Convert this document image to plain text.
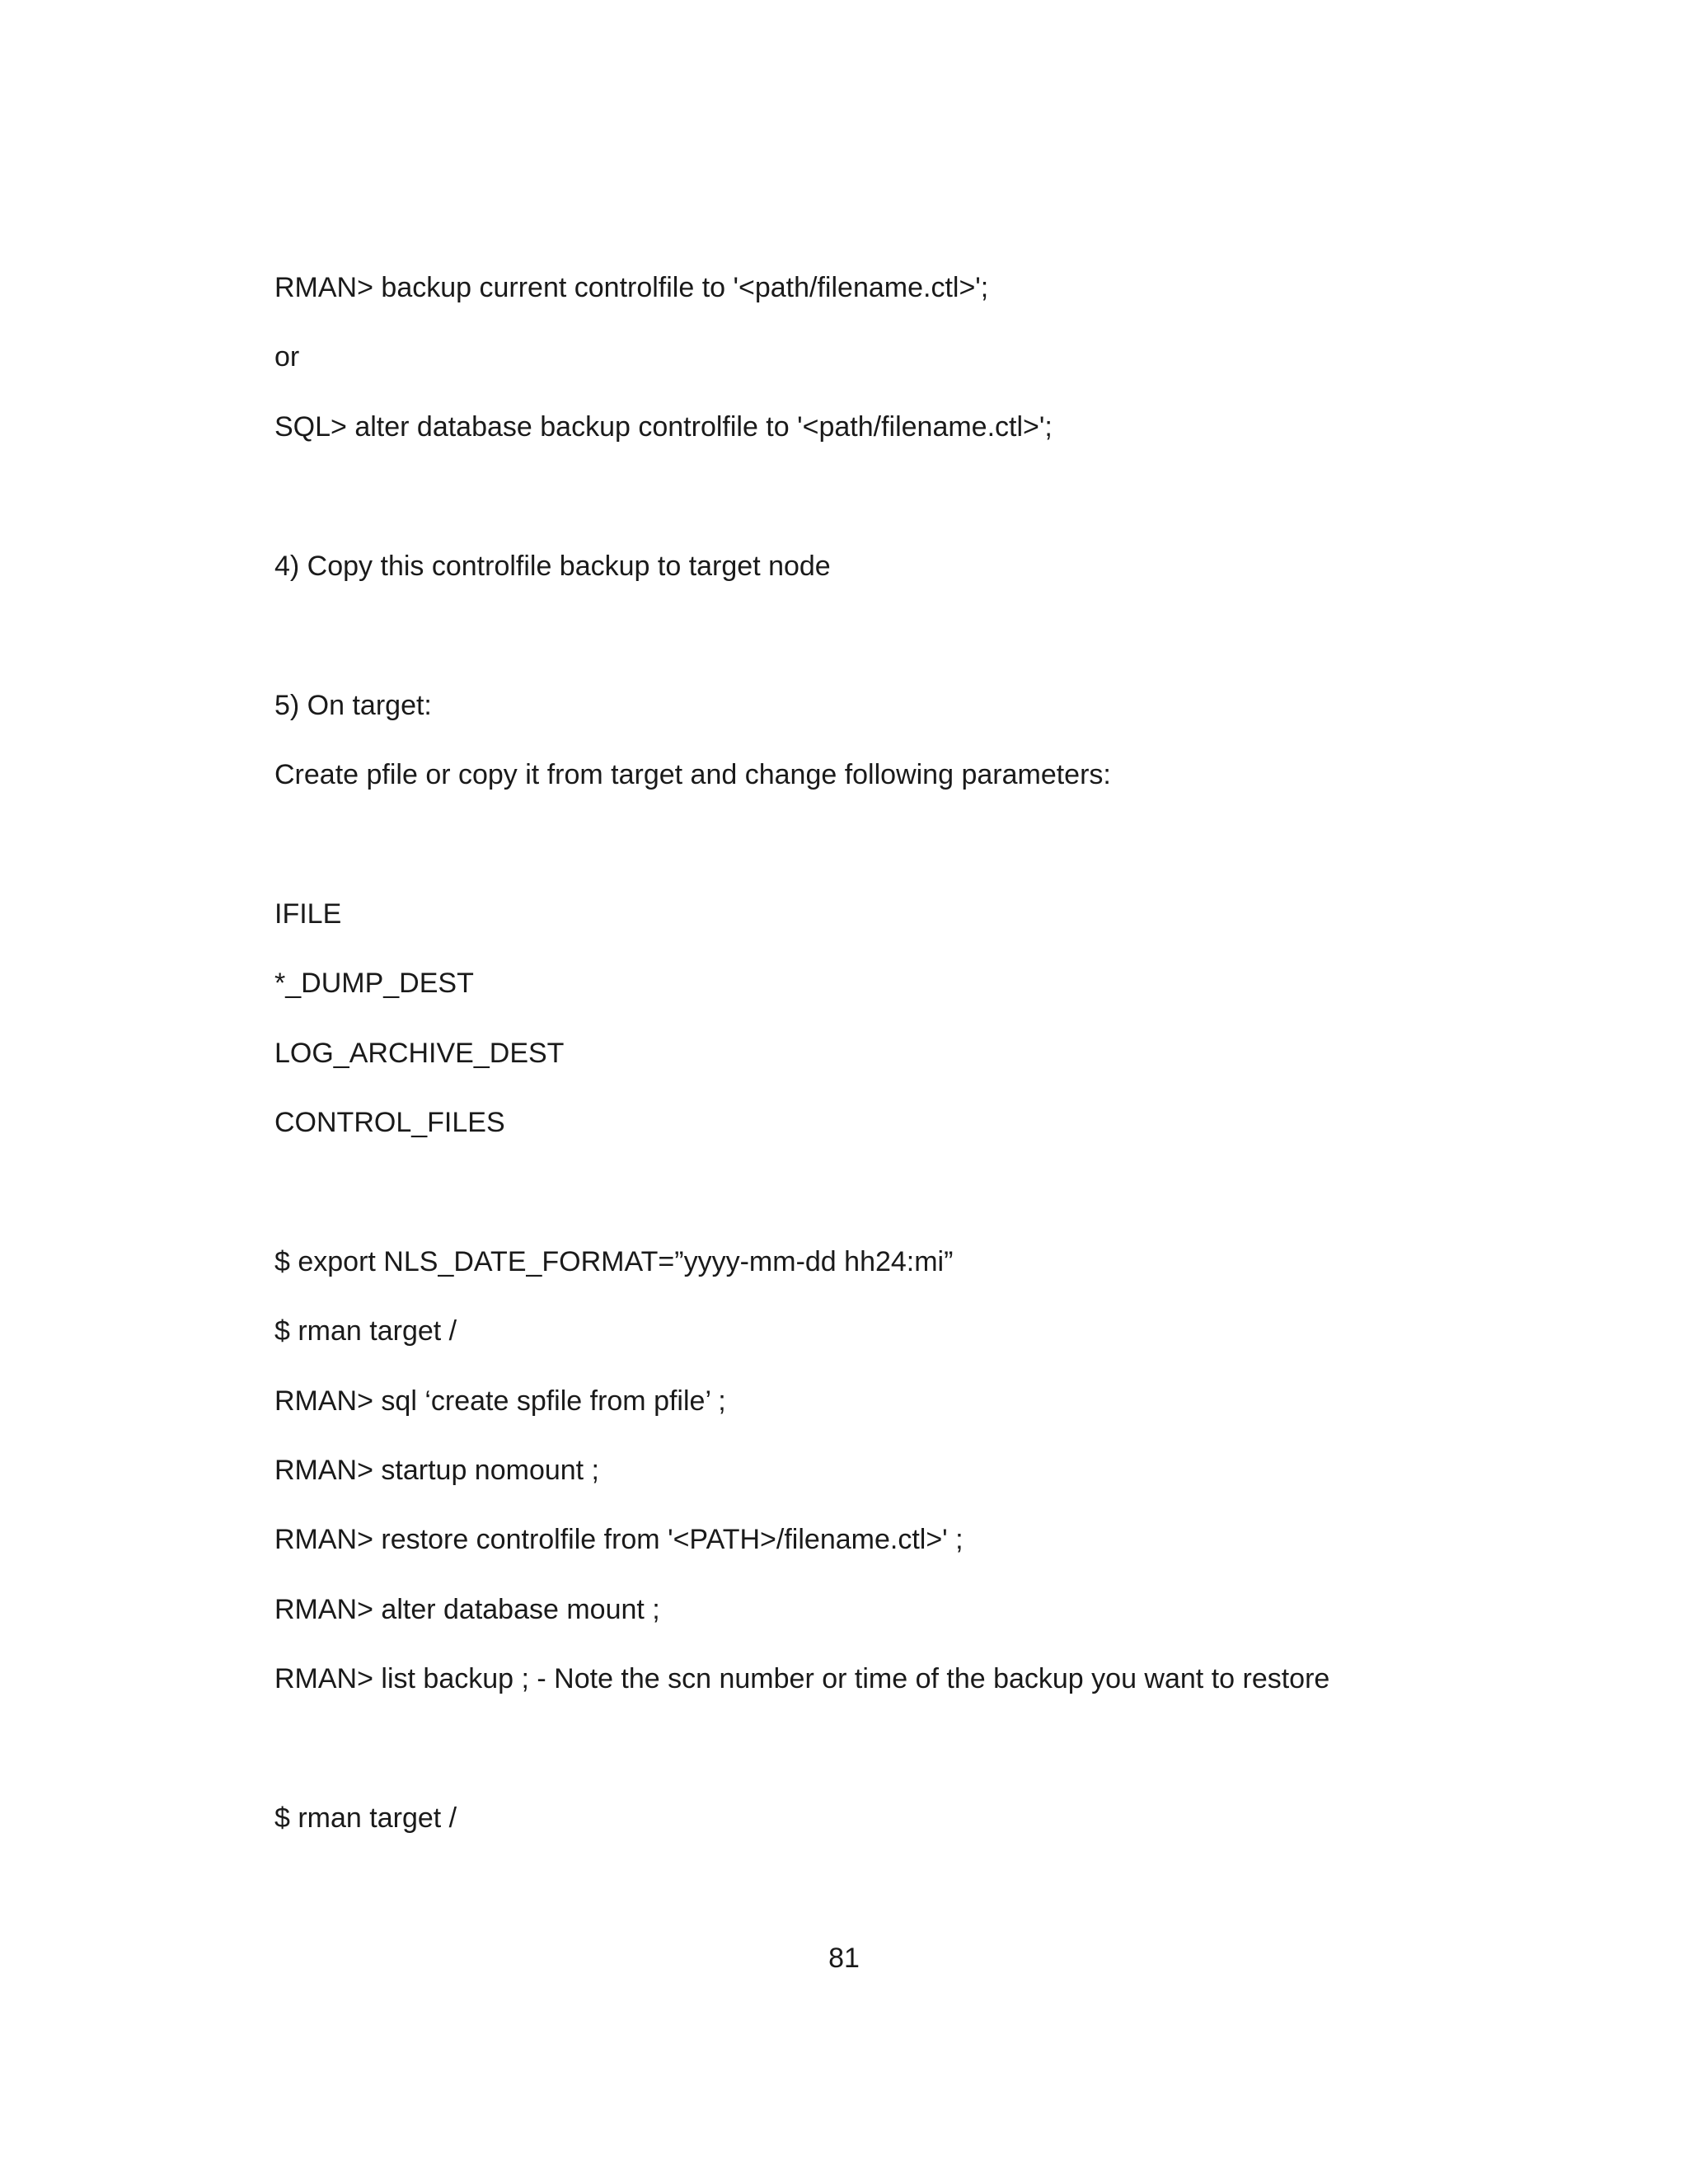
RMAN> backup current controlfile to '<path/filename.ctl>';
or
SQL> alter database backup controlfile to '<path/filename.ctl>';
4) Copy this controlfile backup to target node
5) On target:
Create pfile or copy it from target and change following parameters:
IFILE
*_DUMP_DEST
LOG_ARCHIVE_DEST
CONTROL_FILES
$ export NLS_DATE_FORMAT=”yyyy-mm-dd hh24:mi”
$ rman target /
RMAN> sql ‘create spfile from pfile’ ;
RMAN> startup nomount ;
RMAN> restore controlfile from '<PATH>/filename.ctl>' ;
RMAN> alter database mount ;
RMAN> list backup ; - Note the scn number or time of the backup you want to restore
$ rman target /
81
